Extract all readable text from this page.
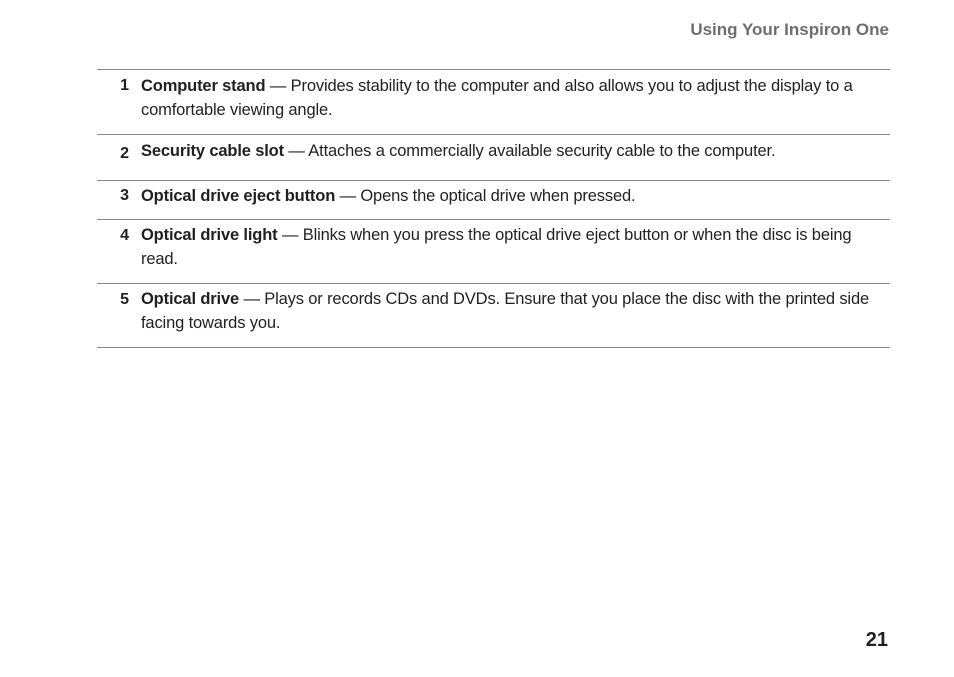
Using Your Inspiron One
1 Computer stand — Provides stability to the computer and also allows you to adjust the display to a comfortable viewing angle.
2 Security cable slot — Attaches a commercially available security cable to the computer.
3 Optical drive eject button — Opens the optical drive when pressed.
4 Optical drive light — Blinks when you press the optical drive eject button or when the disc is being read.
5 Optical drive — Plays or records CDs and DVDs. Ensure that you place the disc with the printed side facing towards you.
21
